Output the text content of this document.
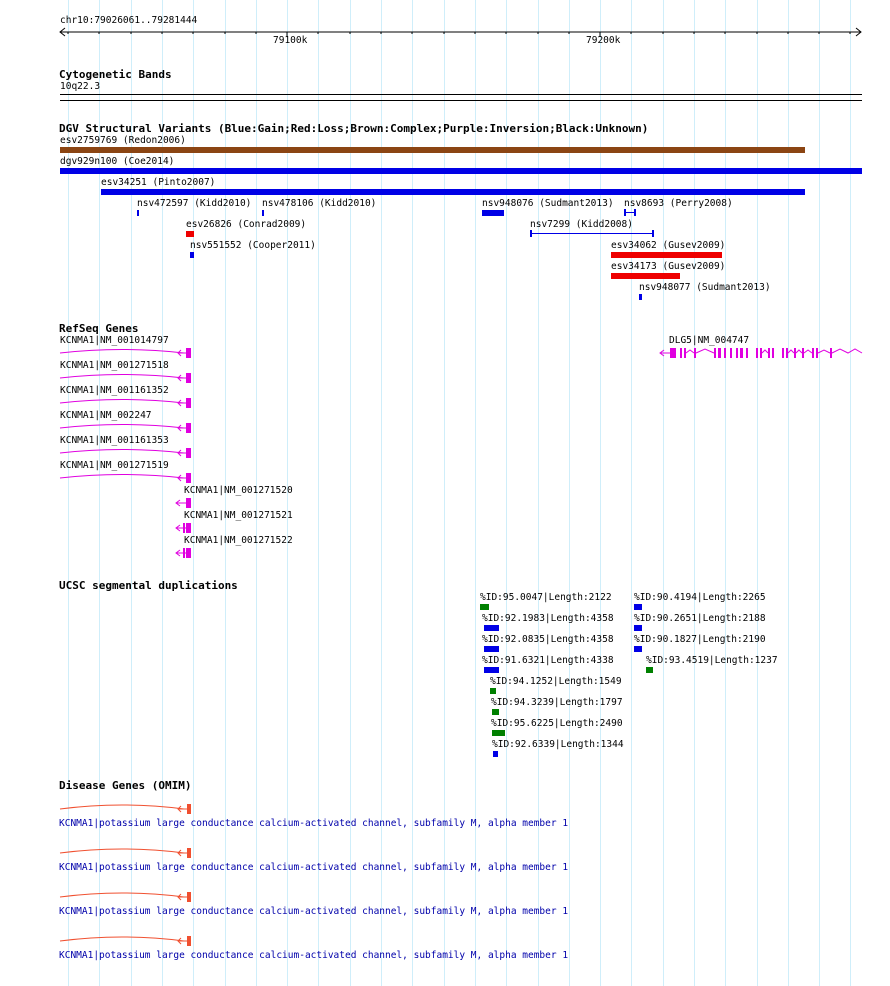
chr10:79026061..79281444
79100k	79200k
Cytogenetic Bands
10q22.3
DGV Structural Variants (Blue:Gain;Red:Loss;Brown:Complex;Purple:Inversion;Black:Unknown)
esv2759769 (Redon2006)
dgv929n100 (Coe2014)
esv34251 (Pinto2007)
nsv472597 (Kidd2010) nsv478106 (Kidd2010)	nsv948076 (Sudmant2013) nsv8693 (Perry2008)
esv26826 (Conrad2009)	nsv7299 (Kidd2008)
nsv551552 (Cooper2011)	esv34062 (Gusev2009)
esv34173 (Gusev2009)
nsv948077 (Sudmant2013)
RefSeq Genes
KCNMA1|NM_001014797
KCNMA1|NM_001271518
KCNMA1|NM_001161352
KCNMA1|NM_002247
KCNMA1|NM_001161353
KCNMA1|NM_001271519
KCNMA1|NM_001271520
KCNMA1|NM_001271521
KCNMA1|NM_001271522
DLG5|NM_004747
UCSC segmental duplications
%ID:95.0047|Length:2122 %ID:90.4194|Length:2265
%ID:92.1983|Length:4358 %ID:90.2651|Length:2188
%ID:92.0835|Length:4358 %ID:90.1827|Length:2190
%ID:91.6321|Length:4338	%ID:93.4519|Length:1237
%ID:94.1252|Length:1549
%ID:94.3239|Length:1797
%ID:95.6225|Length:2490
%ID:92.6339|Length:1344
Disease Genes (OMIM)
KCNMA1|potassium large conductance calcium-activated channel, subfamily M, alpha member 1
KCNMA1|potassium large conductance calcium-activated channel, subfamily M, alpha member 1
KCNMA1|potassium large conductance calcium-activated channel, subfamily M, alpha member 1
KCNMA1|potassium large conductance calcium-activated channel, subfamily M, alpha member 1
